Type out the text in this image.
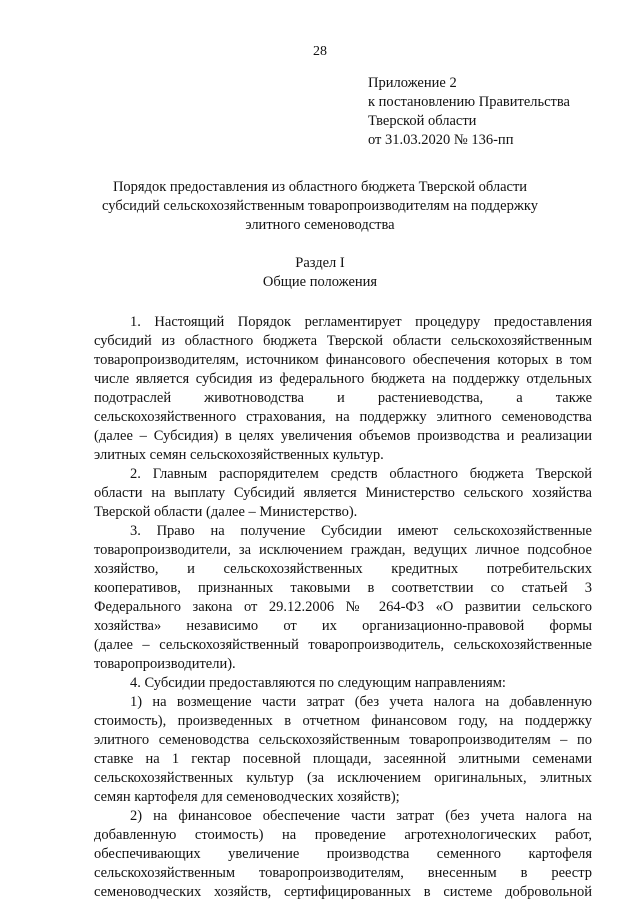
28
Приложение 2
к постановлению Правительства
Тверской области
от 31.03.2020 № 136-пп
Порядок предоставления из областного бюджета Тверской области
субсидий сельскохозяйственным товаропроизводителям на поддержку
элитного семеноводства
Раздел I
Общие положения

1. Настоящий Порядок регламентирует процедуру предоставления
субсидий из областного бюджета Тверской области сельскохозяйственным
товаропроизводителям, источником финансового обеспечения которых в том
числе является субсидия из федерального бюджета на поддержку отдельных
подотраслей животноводства и растениеводства, а также
сельскохозяйственного страхования, на поддержку элитного семеноводства
(далее – Субсидия) в целях увеличения объемов производства и реализации
элитных семян сельскохозяйственных культур.

2. Главным распорядителем средств областного бюджета Тверской
области на выплату Субсидий является Министерство сельского хозяйства
Тверской области (далее – Министерство).

3. Право на получение Субсидии имеют сельскохозяйственные
товаропроизводители, за исключением граждан, ведущих личное подсобное
хозяйство, и сельскохозяйственных кредитных потребительских
кооперативов, признанных таковыми в соответствии со статьей 3
Федерального закона от 29.12.2006 № 264-ФЗ «О развитии сельского
хозяйства» независимо от их организационно-правовой формы
(далее – сельскохозяйственный товаропроизводитель, сельскохозяйственные
товаропроизводители).

4. Субсидии предоставляются по следующим направлениям:

1) на возмещение части затрат (без учета налога на добавленную
стоимость), произведенных в отчетном финансовом году, на поддержку
элитного семеноводства сельскохозяйственным товаропроизводителям – по
ставке на 1 гектар посевной площади, засеянной элитными семенами
сельскохозяйственных культур (за исключением оригинальных, элитных
семян картофеля для семеноводческих хозяйств);

2) на финансовое обеспечение части затрат (без учета налога на
добавленную стоимость) на проведение агротехнологических работ,
обеспечивающих увеличение производства семенного картофеля
сельскохозяйственным товаропроизводителям, внесенным в реестр
семеноводческих хозяйств, сертифицированных в системе добровольной
